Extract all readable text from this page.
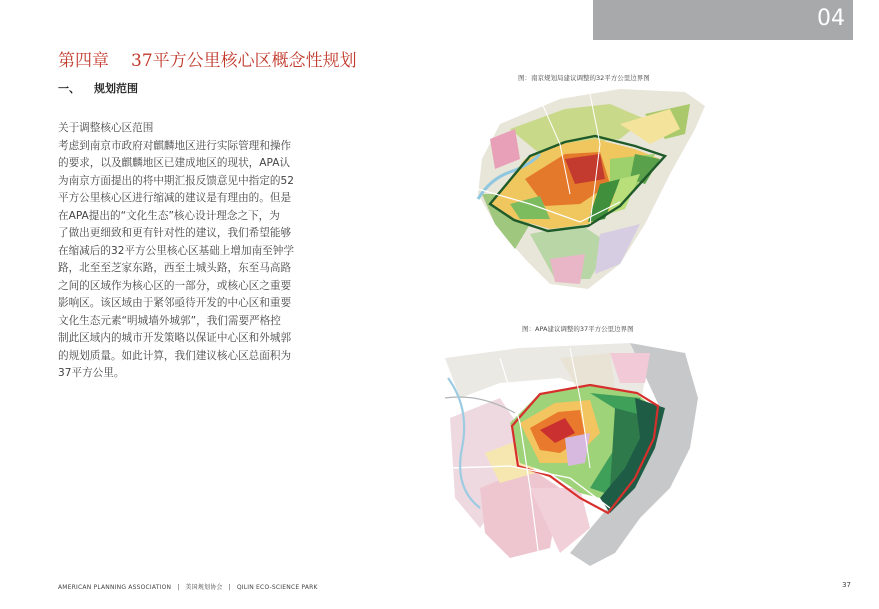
04
第四章 37平方公里核心区概念性规划
一、 规划范围
关于调整核心区范围
考虑到南京市政府对麒麟地区进行实际管理和操作
的要求，以及麒麟地区已建成地区的现状，APA认
为南京方面提出的将中期汇报反馈意见中指定的52
平方公里核心区进行缩减的建议是有理由的。但是
在APA提出的“文化生态”核心设计理念之下，为
了做出更细致和更有针对性的建议，我们希望能够
在缩减后的32平方公里核心区基础上增加南至钟学
路，北至至芝家东路，西至土城头路，东至马高路
之间的区域作为核心区的一部分，或核心区之重要
影响区。该区域由于紧邻亟待开发的中心区和重要
文化生态元素“明城墙外城郭”，我们需要严格控
制此区域内的城市开发策略以保证中心区和外城郭
的规划质量。如此计算，我们建议核心区总面积为
37平方公里。
图：南京规划局建议调整的32平方公里边界图
图：APA建议调整的37平方公里边界图
AMERICAN PLANNING ASSOCIATION | 美国规划协会 | QILIN ECO-SCIENCE PARK	37
